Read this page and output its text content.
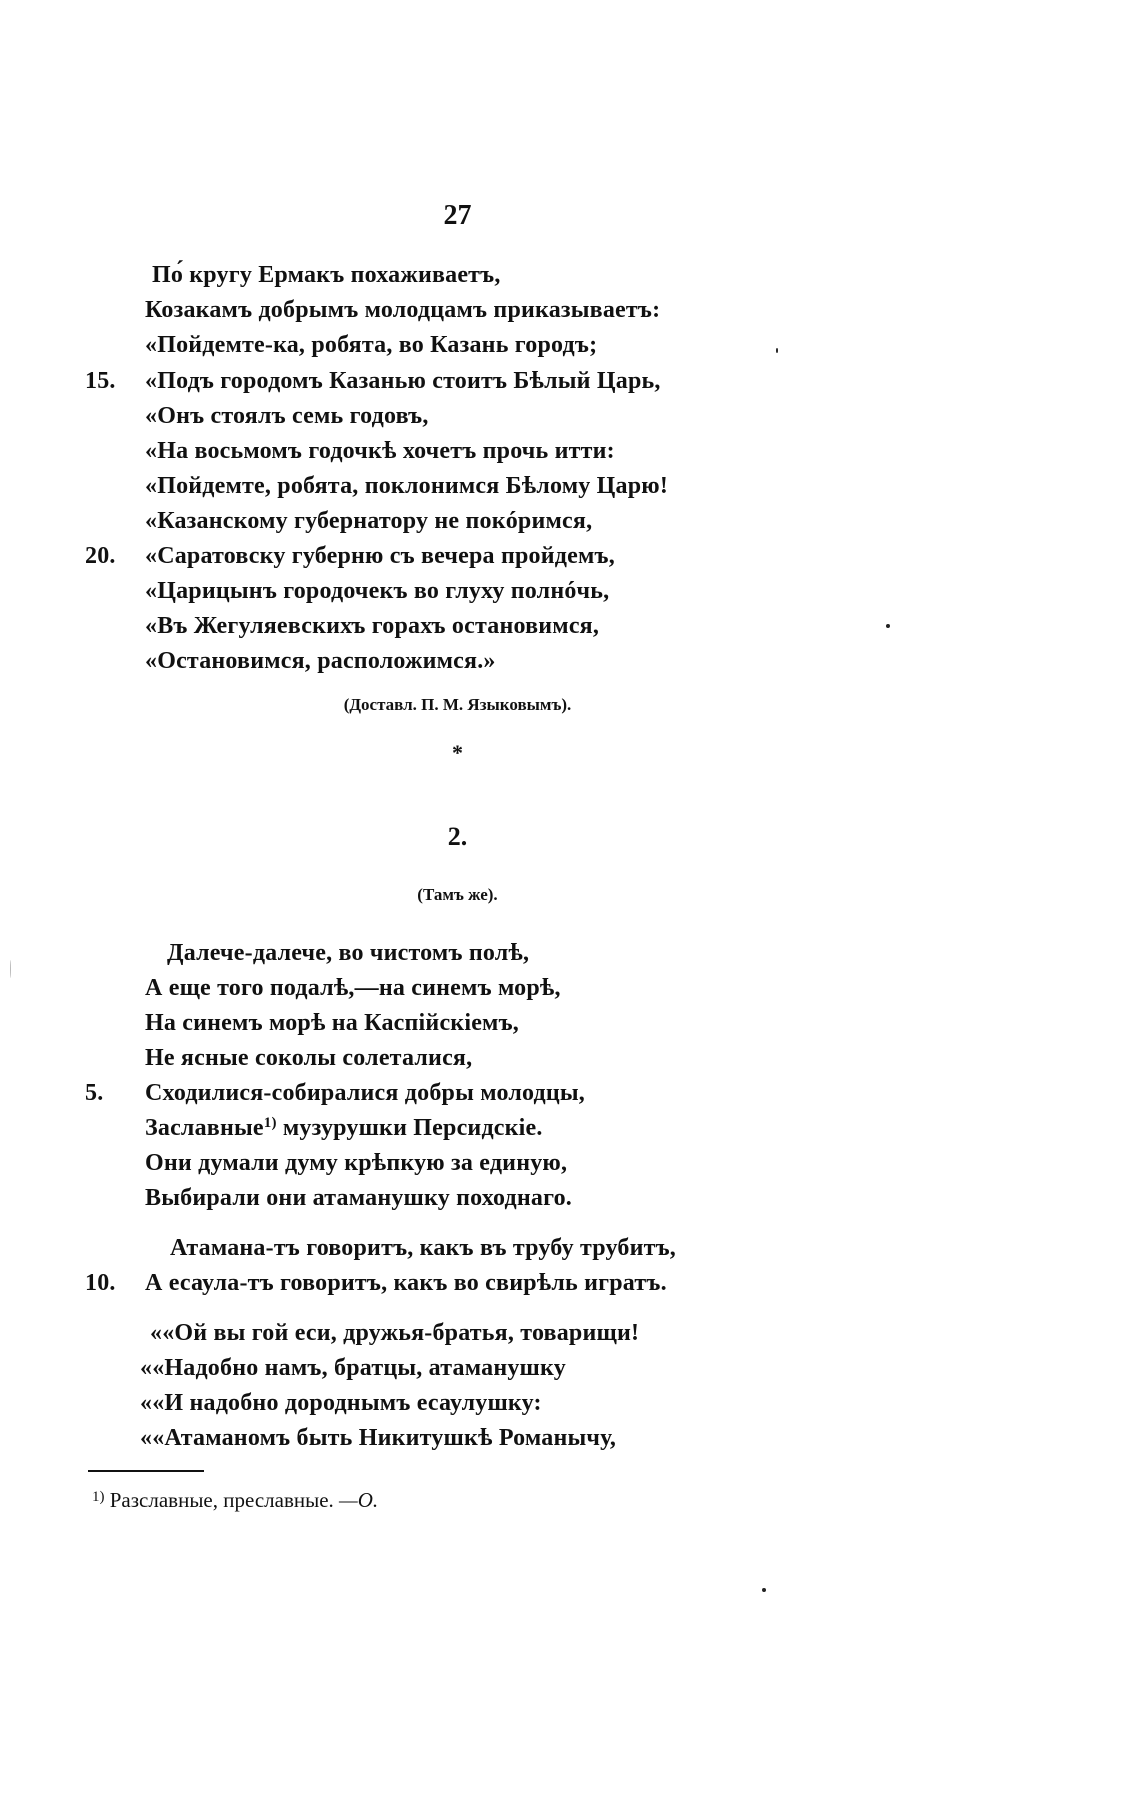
27
По́ кругу Ермакъ похаживаетъ,
Козакамъ добрымъ молодцамъ приказываетъ:
«Пойдемте-ка, робята, во Казань городъ;
15.	«Подъ городомъ Казанью стоитъ Бѣлый Царь,
«Онъ стоялъ семь годовъ,
«На восьмомъ годочкѣ хочетъ прочь итти:
«Пойдемте, робята, поклонимся Бѣлому Царю!
«Казанскому губернатору не покóримся,
20.	«Саратовску губерню съ вечера пройдемъ,
«Царицынъ городочекъ во глуху полнóчь,
«Въ Жегуляевскихъ горахъ остановимся,
«Остановимся, расположимся.»
(Доставл. П. М. Языковымъ).
*
2.
(Тамъ же).
Далече-далече, во чистомъ полѣ,
А еще того подалѣ,—на синемъ морѣ,
На синемъ морѣ на Каспійскіемъ,
Не ясные соколы солеталися,
5.	Сходилися-собиралися добры молодцы,
Заславные$^{1)}$ музурушки Персидскіе.
Они думали думу крѣпкую за единую,
Выбирали они атаманушку походнаго.
Атамана-тъ говоритъ, какъ въ трубу трубитъ,
10.	А есаула-тъ говоритъ, какъ во свирѣль игратъ.
««Ой вы гой еси, дружья-братья, товарищи!
««Надобно намъ, братцы, атаманушку
««И надобно дороднымъ есаулушку:
««Атаманомъ быть Никитушкѣ Романычу,
$^{1)}$ Разславные, преславные. —О.
